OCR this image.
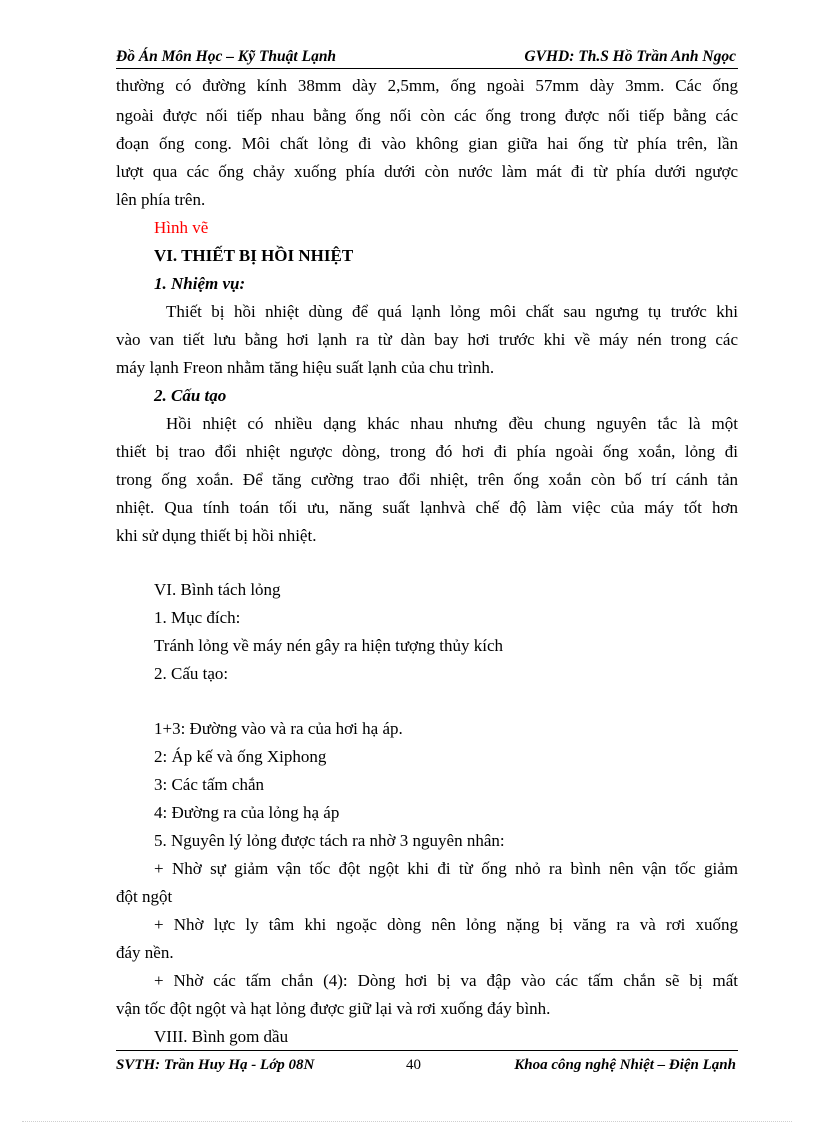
Đồ Án Môn Học – Kỹ Thuật Lạnh	GVHD: Th.S Hồ Trần Anh Ngọc
thường có đường kính 38mm dày 2,5mm, ống ngoài 57mm dày 3mm. Các ống
ngoài được nối tiếp nhau bằng ống nối còn các ống trong được nối tiếp bằng các
đoạn ống cong. Môi chất lỏng đi vào không gian giữa hai ống từ phía trên, lần
lượt qua các ống chảy xuống phía dưới còn nước làm mát đi từ phía dưới ngược
lên phía trên.
Hình vẽ
VI. THIẾT BỊ HỒI NHIỆT
1. Nhiệm vụ:
Thiết bị hồi nhiệt dùng để quá lạnh lỏng môi chất sau ngưng tụ trước khi
vào van tiết lưu bằng hơi lạnh ra từ dàn bay hơi trước khi về máy nén trong các
máy lạnh Freon nhằm tăng hiệu suất lạnh của chu trình.
2. Cấu tạo
Hồi nhiệt có nhiều dạng khác nhau nhưng đều chung nguyên tắc là một
thiết bị trao đổi nhiệt ngược dòng, trong đó hơi đi phía ngoài ống xoắn, lỏng đi
trong ống xoắn. Để tăng cường trao đổi nhiệt, trên ống xoắn còn bố trí cánh tản
nhiệt. Qua tính toán tối ưu, năng suất lạnhvà chế độ làm việc của máy tốt hơn
khi sử dụng thiết bị hồi nhiệt.
VI. Bình tách lỏng
1. Mục đích:
Tránh lỏng về máy nén gây ra hiện tượng thủy kích
2. Cấu tạo:
1+3: Đường vào và ra của hơi hạ áp.
2: Áp kế và ống Xiphong
3: Các tấm chắn
4: Đường ra của lỏng hạ áp
5. Nguyên lý lỏng được tách ra nhờ 3 nguyên nhân:
+ Nhờ sự giảm vận tốc đột ngột khi đi từ ống nhỏ ra bình nên vận tốc giảm
đột ngột
+ Nhờ lực ly tâm khi ngoặc dòng nên lỏng nặng bị văng ra và rơi xuống
đáy nền.
+ Nhờ các tấm chắn (4): Dòng hơi bị va đập vào các tấm chắn sẽ bị mất
vận tốc đột ngột và hạt lỏng được giữ lại và rơi xuống đáy bình.
VIII. Bình gom dầu
SVTH: Trần Huy Hạ - Lớp 08N	40	Khoa công nghệ Nhiệt – Điện Lạnh
